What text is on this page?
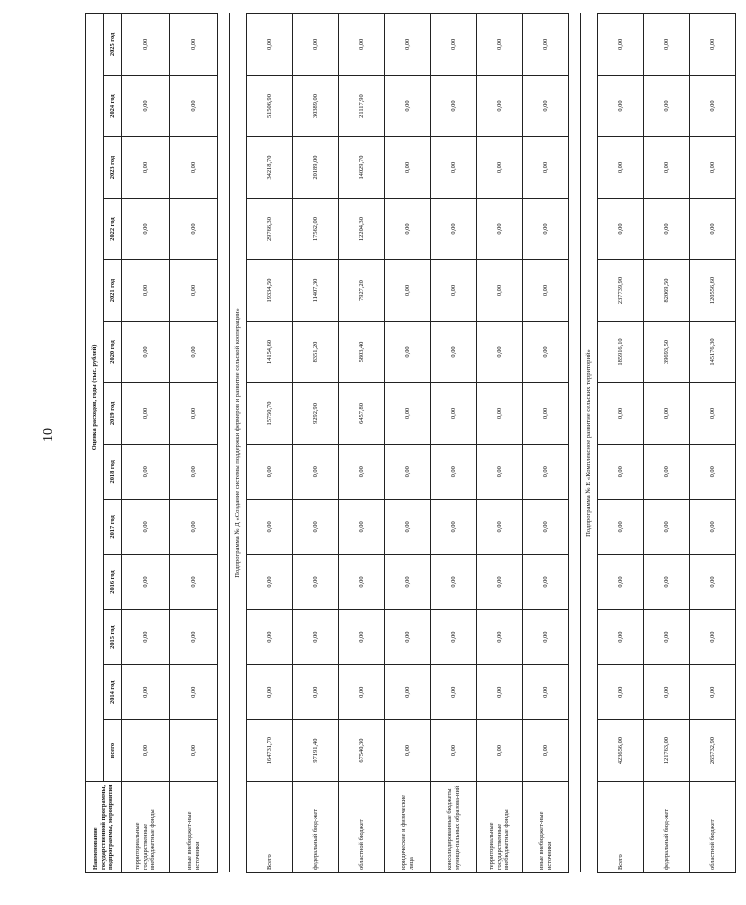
10
Наименование государственной программы, подпрограммы, мероприятия	Оценка расходов, годы (тыс. рублей)												
	всего	2014 год	2015 год	2016 год	2017 год	2018 год	2019 год	2020 год	2021 год	2022 год	2023 год	2024 год	2025 год
территориальные государственные внебюджетные фонды	0,00	0,00	0,00	0,00	0,00	0,00	0,00	0,00	0,00	0,00	0,00	0,00	0,00
иные внебюджет-ные источники	0,00	0,00	0,00	0,00	0,00	0,00	0,00	0,00	0,00	0,00	0,00	0,00	0,00

Подпрограмма № Д «Создание системы поддержки фермеров и развитие сельской кооперации»													
Всего	164731,70	0,00	0,00	0,00	0,00	0,00	15750,70	14154,60	19334,50	29766,30	34218,70	51506,90	0,00
федеральный бюд-жет	97191,40	0,00	0,00	0,00	0,00	0,00	9292,90	8351,20	11407,30	17562,00	20189,00	30389,00	0,00
областной бюджет	67540,30	0,00	0,00	0,00	0,00	0,00	6457,80	5803,40	7927,20	12204,30	14029,70	21117,90	0,00
юридические и физические лица	0,00	0,00	0,00	0,00	0,00	0,00	0,00	0,00	0,00	0,00	0,00	0,00	0,00
консолидированные бюджеты муници-пальных образова-ний	0,00	0,00	0,00	0,00	0,00	0,00	0,00	0,00	0,00	0,00	0,00	0,00	0,00
территориальные государственные внебюджетные фонды	0,00	0,00	0,00	0,00	0,00	0,00	0,00	0,00	0,00	0,00	0,00	0,00	0,00
иные внебюджет-ные источники	0,00	0,00	0,00	0,00	0,00	0,00	0,00	0,00	0,00	0,00	0,00	0,00	0,00

Подпрограмма № Е «Комплексное развитие сельских территорий»													
Всего	423656,00	0,00	0,00	0,00	0,00	0,00	0,00	185916,10	237739,90	0,00	0,00	0,00	0,00
федеральный бюд-жет	121763,00	0,00	0,00	0,00	0,00	0,00	0,00	39693,50	82069,50	0,00	0,00	0,00	0,00
областной бюджет	265732,90	0,00	0,00	0,00	0,00	0,00	0,00	145176,30	120556,60	0,00	0,00	0,00	0,00
